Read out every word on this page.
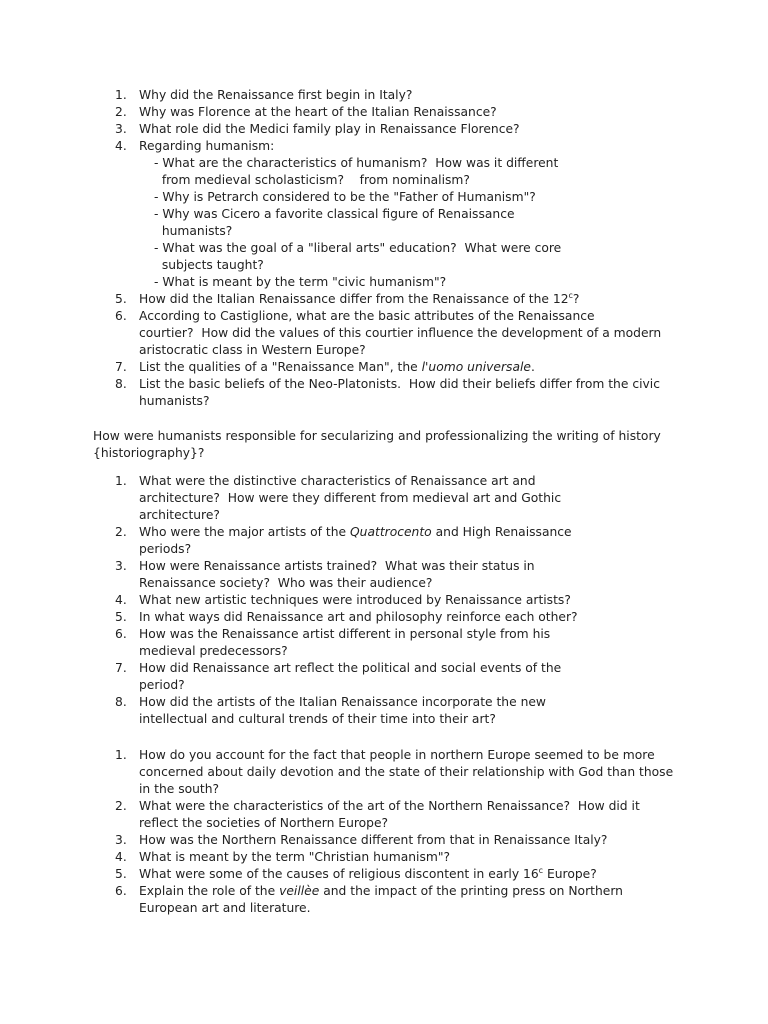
1. Why did the Renaissance first begin in Italy?
2. Why was Florence at the heart of the Italian Renaissance?
3. What role did the Medici family play in Renaissance Florence?
4. Regarding humanism:
- What are the characteristics of humanism?  How was it different
from medieval scholasticism?    from nominalism?
- Why is Petrarch considered to be the "Father of Humanism"?
- Why was Cicero a favorite classical figure of Renaissance
humanists?
- What was the goal of a "liberal arts" education?  What were core
subjects taught?
- What is meant by the term "civic humanism"?
5. How did the Italian Renaissance differ from the Renaissance of the 12$^c$?
6. According to Castiglione, what are the basic attributes of the Renaissance
courtier?  How did the values of this courtier influence the development of a modern
aristocratic class in Western Europe?
7. List the qualities of a "Renaissance Man", the l'uomo universale.
8. List the basic beliefs of the Neo-Platonists.  How did their beliefs differ from the civic
humanists?
How were humanists responsible for secularizing and professionalizing the writing of history
{historiography}?
1. What were the distinctive characteristics of Renaissance art and
architecture?  How were they different from medieval art and Gothic
architecture?
2. Who were the major artists of the Quattrocento and High Renaissance
periods?
3. How were Renaissance artists trained?  What was their status in
Renaissance society?  Who was their audience?
4. What new artistic techniques were introduced by Renaissance artists?
5. In what ways did Renaissance art and philosophy reinforce each other?
6. How was the Renaissance artist different in personal style from his
medieval predecessors?
7. How did Renaissance art reflect the political and social events of the
period?
8. How did the artists of the Italian Renaissance incorporate the new
intellectual and cultural trends of their time into their art?
1. How do you account for the fact that people in northern Europe seemed to be more
concerned about daily devotion and the state of their relationship with God than those
in the south?
2. What were the characteristics of the art of the Northern Renaissance?  How did it
reflect the societies of Northern Europe?
3. How was the Northern Renaissance different from that in Renaissance Italy?
4. What is meant by the term "Christian humanism"?
5. What were some of the causes of religious discontent in early 16$^c$ Europe?
6. Explain the role of the veillèe and the impact of the printing press on Northern
European art and literature.
